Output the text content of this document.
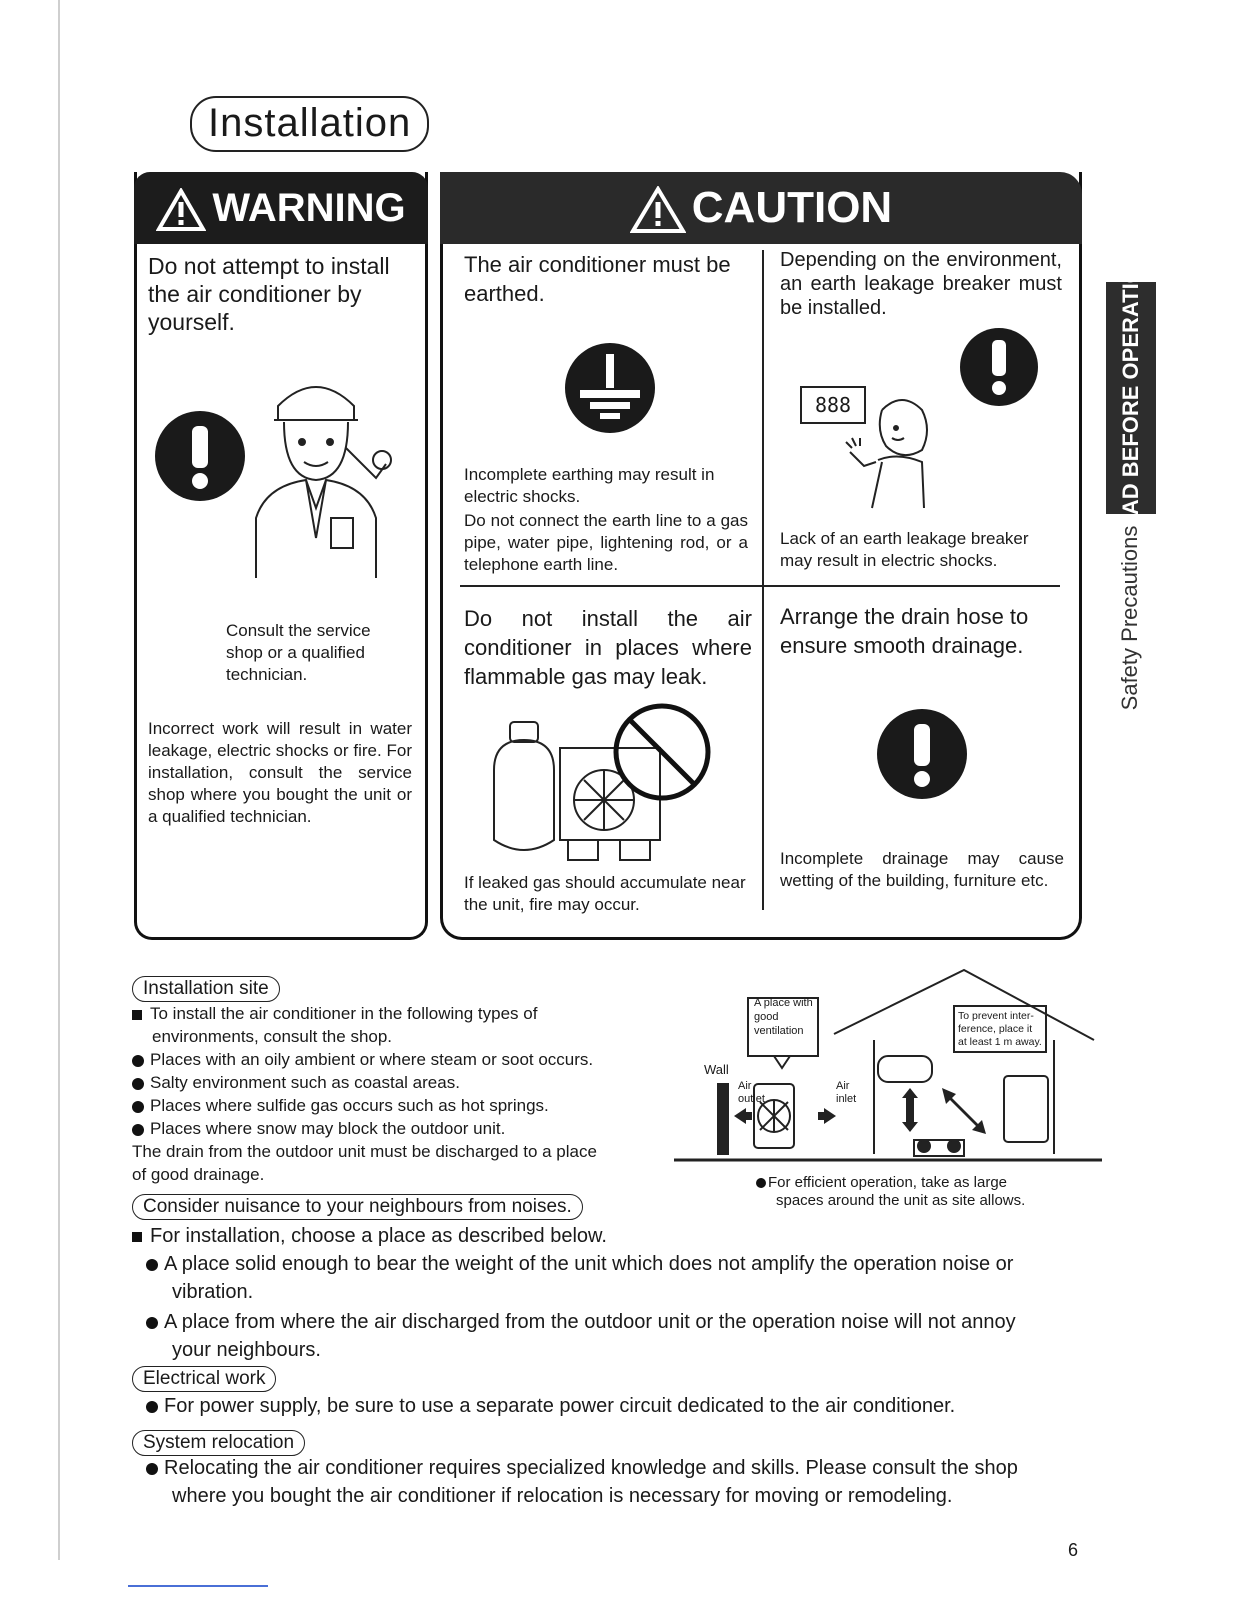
Installation
WARNING
Do not attempt to install the air conditioner by yourself.
Consult the service shop or a qualified technician.
Incorrect work will result in water leakage, electric shocks or fire. For installation, consult the service shop where you bought the unit or a qualified technician.
CAUTION
The air conditioner must be earthed.
Incomplete earthing may result in electric shocks.
Do not connect the earth line to a gas pipe, water pipe, lightening rod, or a telephone earth line.
Depending on the environment, an earth leakage breaker must be installed.
888
Lack of an earth leakage breaker may result in electric shocks.
Do not install the air conditioner in places where flammable gas may leak.
If leaked gas should accumulate near the unit, fire may occur.
Arrange the drain hose to ensure smooth drainage.
Incomplete drainage may cause wetting of the building, furniture etc.
READ BEFORE OPERATION
Safety Precautions
Installation site
To install the air conditioner in the following types of
environments, consult the shop.
Places with an oily ambient or where steam or soot occurs.
Salty environment such as coastal areas.
Places where sulfide gas occurs such as hot springs.
Places where snow may block the outdoor unit.
The drain from the outdoor unit must be discharged to a place
of good drainage.
A place with
good
ventilation
Wall
Air
outlet
Air
inlet
To prevent inter-
ference, place it
at least 1 m away.
For efficient operation, take as large
spaces around the unit as site allows.
Consider nuisance to your neighbours from noises.
For installation, choose a place as described below.
A place solid enough to bear the weight of the unit which does not amplify the operation noise or
vibration.
A place from where the air discharged from the outdoor unit or the operation noise will not annoy
your neighbours.
Electrical work
For power supply, be sure to use a separate power circuit dedicated to the air conditioner.
System relocation
Relocating the air conditioner requires specialized knowledge and skills. Please consult the shop
where you bought the air conditioner if relocation is necessary for moving or remodeling.
6
